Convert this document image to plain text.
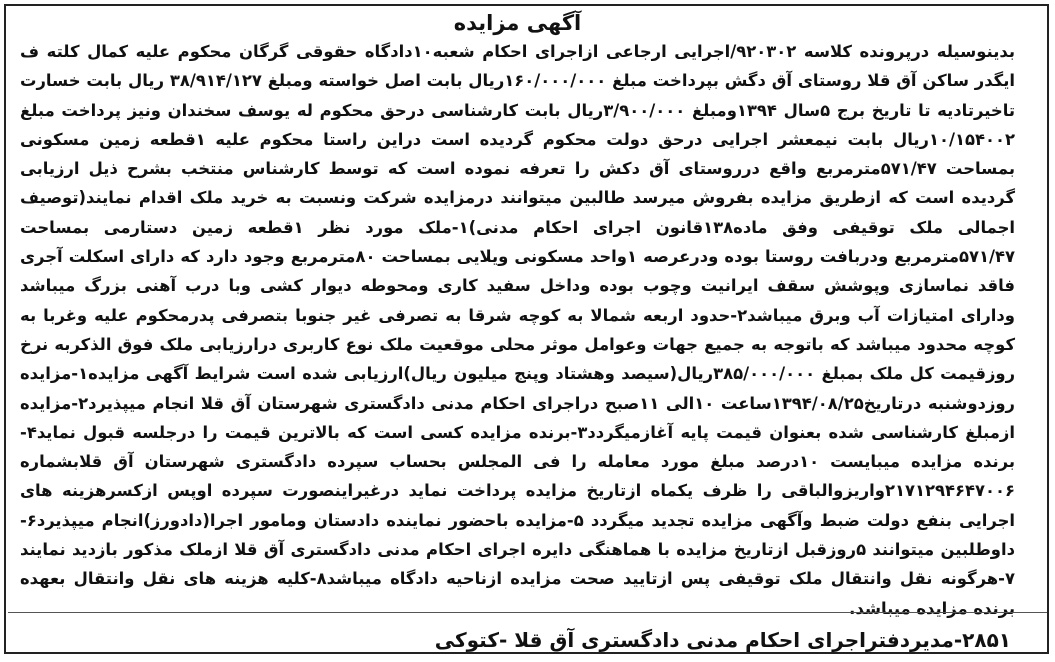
آگهی مزایده

بدینوسیله درپرونده کلاسه ۹۲۰۳۰۲/اجرایی ارجاعی ازاجرای احکام شعبه۱۰دادگاه حقوقی گرگان محکوم علیه کمال کلته ف ایگدر ساکن آق قلا روستای آق دگش بپرداخت مبلغ ۱۶۰/۰۰۰/۰۰۰ریال بابت اصل خواسته ومبلغ ۳۸/۹۱۴/۱۲۷ ریال بابت خسارت تاخیرتادیه تا تاریخ برج ۵سال ۱۳۹۴ومبلغ ۳/۹۰۰/۰۰۰ریال بابت کارشناسی درحق محکوم له یوسف سخندان ونیز پرداخت مبلغ ۱۰/۱۵۴۰۰۲ریال بابت نیمعشر اجرایی درحق دولت محکوم گردیده است دراین راستا محکوم علیه ۱قطعه زمین مسکونی بمساحت ۵۷۱/۴۷مترمربع واقع درروستای آق دکش را تعرفه نموده است که توسط کارشناس منتخب بشرح ذیل ارزیابی گردیده است که ازطریق مزایده بفروش میرسد طالبین میتوانند درمزایده شرکت ونسبت به خرید ملک اقدام نمایند(توصیف اجمالی ملک توقیفی وفق ماده۱۳۸قانون اجرای احکام مدنی)۱-ملک مورد نظر ۱قطعه زمین دستارمی بمساحت ۵۷۱/۴۷مترمربع ودربافت روستا بوده ودرعرصه ۱واحد مسکونی ویلایی بمساحت ۸۰مترمربع وجود دارد که دارای اسکلت آجری فاقد نماسازی وپوشش سقف ایرانیت وچوب بوده وداخل سفید کاری ومحوطه دیوار کشی وبا درب آهنی بزرگ میباشد ودارای امتیازات آب وبرق میباشد۲-حدود اربعه شمالا به کوچه شرقا به تصرفی غیر جنوبا بتصرفی پدرمحکوم علیه وغربا به کوچه محدود میباشد که باتوجه به جمیع جهات وعوامل موثر محلی موقعیت ملک نوع کاربری درارزیابی ملک فوق الذکربه نرخ روزقیمت کل ملک بمبلغ ۳۸۵/۰۰۰/۰۰۰ریال(سیصد وهشتاد وپنج میلیون ریال)ارزیابی شده است شرایط آگهی مزایده۱-مزایده روزدوشنبه درتاریخ۱۳۹۴/۰۸/۲۵ساعت ۱۰الی ۱۱صبح دراجرای احکام مدنی دادگستری شهرستان آق قلا انجام میپذیرد۲-مزایده ازمبلغ کارشناسی شده بعنوان قیمت پایه آغازمیگردد۳-برنده مزایده کسی است که بالاترین قیمت را درجلسه قبول نماید۴-برنده مزایده میبایست ۱۰درصد مبلغ مورد معامله را فی المجلس بحساب سپرده دادگستری شهرستان آق قلابشماره ۲۱۷۱۲۹۴۶۴۷۰۰۶واریزوالباقی را ظرف یکماه ازتاریخ مزایده پرداخت نماید درغیراینصورت سپرده اوپس ازکسرهزینه های اجرایی بنفع دولت ضبط وآگهی مزایده تجدید میگردد ۵-مزایده باحضور نماینده دادستان ومامور اجرا(دادورز)انجام میپذیرد۶-داوطلبین میتوانند ۵روزقبل ازتاریخ مزایده با هماهنگی دایره اجرای احکام مدنی دادگستری آق قلا ازملک مذکور بازدید نمایند ۷-هرگونه نقل وانتقال ملک توقیفی پس ازتایید صحت مزایده ازناحیه دادگاه میباشد۸-کلیه هزینه های نقل وانتقال بعهده برنده مزایده میباشد.

۲۸۵۱-مدیردفتراجرای احکام مدنی دادگستری آق قلا -کتوکی
